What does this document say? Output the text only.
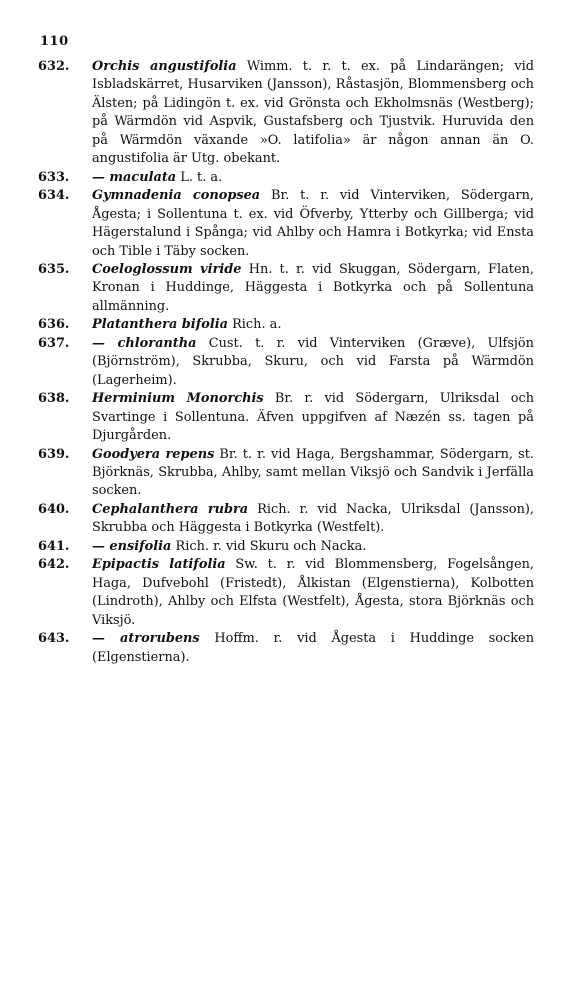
110
632. Orchis angustifolia Wimm. t. r. t. ex. på Lindarängen; vid Isbladskärret, Husarviken (Jansson), Råstasjön, Blommensberg och Älsten; på Lidingön t. ex. vid Grönsta och Ekholmsnäs (Westberg); på Wärmdön vid Aspvik, Gustafsberg och Tjustvik. Huruvida den på Wärmdön växande »O. latifolia» är någon annan än O. angustifolia är Utg. obekant.
633. — maculata L. t. a.
634. Gymnadenia conopsea Br. t. r. vid Vinterviken, Södergarn, Ågesta; i Sollentuna t. ex. vid Öfverby, Ytterby och Gillberga; vid Hägerstalund i Spånga; vid Ahlby och Hamra i Botkyrka; vid Ensta och Tible i Täby socken.
635. Coeloglossum viride Hn. t. r. vid Skuggan, Södergarn, Flaten, Kronan i Huddinge, Häggesta i Botkyrka och på Sollentuna allmänning.
636. Platanthera bifolia Rich. a.
637. — chlorantha Cust. t. r. vid Vinterviken (Græve), Ulfsjön (Björnström), Skrubba, Skuru, och vid Farsta på Wärmdön (Lagerheim).
638. Herminium Monorchis Br. r. vid Södergarn, Ulriksdal och Svartinge i Sollentuna. Äfven uppgifven af Næzén ss. tagen på Djurgården.
639. Goodyera repens Br. t. r. vid Haga, Bergshammar, Södergarn, st. Björknäs, Skrubba, Ahlby, samt mellan Viksjö och Sandvik i Jerfälla socken.
640. Cephalanthera rubra Rich. r. vid Nacka, Ulriksdal (Jansson), Skrubba och Häggesta i Botkyrka (Westfelt).
641. — ensifolia Rich. r. vid Skuru och Nacka.
642. Epipactis latifolia Sw. t. r. vid Blommensberg, Fogelsången, Haga, Dufvebohl (Fristedt), Ålkistan (Elgenstierna), Kolbotten (Lindroth), Ahlby och Elfsta (Westfelt), Ågesta, stora Björknäs och Viksjö.
643. — atrorubens Hoffm. r. vid Ågesta i Huddinge socken (Elgenstierna).
